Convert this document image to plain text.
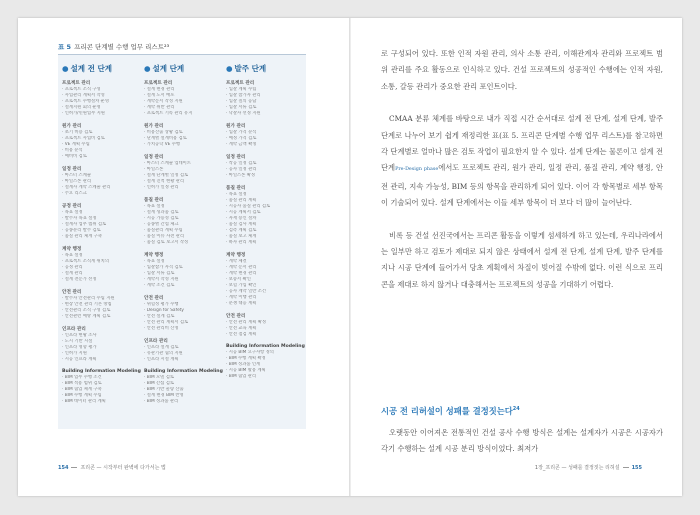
표 5 프리콘 단계별 수행 업무 리스트²³
● 설계 전 단계
프로젝트 관리
· 프로젝트 조직 구성
· 사업관리 계획서 작성
· 프로젝트 수행절차 운영
· 설계지원 회의 운영
· 인허가/민원업무 지원
원가 관리
· 초기 비용 검토
· 프로젝트 사업비 검토
· VE 계획 수립
· 비용 분석
· 예비비 검토
일정 관리
· 마스터 스케줄
· 마일스톤 관리
· 설계사 계약 스케줄 관리
· 주요 리스크
공정 관리
· 목표 설정
· 발주자 목표 설정
· 설계사 업무 범위 검토
· 공종분리 발주 검토
· 품질 관리 체계 구축
계약 행정
· 목표 설정
· 프로젝트 조직계 위치의
· 공정 관리
· 설계 관리
· 설계 전문가 선정
안전 관리
· 발주자 안전관리 수립 지원
· 현장 안전 관리 기본 방침
· 안전관리 조직 구성 검토
· 안전관련 예방 계획 검토
인프라 관리
· 인프라 현황 조사
· 도시 기반 시설
· 인프라 영향 평가
· 인허가 지원
· 시공 인프라 계획
Building Information Modeling
· BIM 업무 수행 조건
· BIM 적용 범위 검토
· BIM 협업 체계 구축
· BIM 수행 계획 수립
· BIM 데이터 관리 계획
● 설계 단계
프로젝트 관리
· 설계 변경 관리
· 설계 도서 배포
· 계약문서 작성 지원
· 계약 위반 관리
· 프로젝트 기록 관리 유지
원가 관리
· 비용산출 상황 검토
· 단계별 설계비용 검토
· 가치공학 VE 수행
일정 관리
· 마스터 스케줄 업데이트
· 마일스톤
· 설계 단계별 일정 검토
· 설계 진척 현황 관리
· 인허가 일정 관리
품질 관리
· 목표 설정
· 설계 성과품 검토
· 시공 가능성 검토
· 공종별 간섭 체크
· 품질관리 계획 수립
· 품질 이슈 사전 관리
· 품질 검토 보고서 작성
계약 행정
· 목표 설정
· 입찰참가 자격 검토
· 입찰 서류 검토
· 계약서 작성 지원
· 계약 조건 검토
안전 관리
· 위험성 평가 수행
· Design for Safety
· 안전 설계 검토
· 안전 관리 계획서 검토
· 안전 관리비 산정
인프라 관리
· 인프라 설계 검토
· 유관기관 협의 지원
· 인프라 시설 계획
Building Information Modeling
· BIM 모델 검토
· BIM 간섭 검토
· BIM 기반 물량 산출
· 설계 변경 BIM 반영
· BIM 성과품 관리
● 발주 단계
프로젝트 관리
· 입찰 계획 수립
· 입찰 참가자 관리
· 입찰 질의 응답
· 입찰 서류 검토
· 낙찰자 선정 지원
원가 관리
· 입찰 가격 분석
· 예정 가격 검토
· 계약 금액 확정
일정 관리
· 착공 일정 검토
· 공사 일정 관리
· 마일스톤 확정
품질 관리
· 목표 설정
· 품질 관리 계획
· 시공사 품질 관리 검토
· 시공 계획서 검토
· 자재 승인 절차
· 품질 검사 계획
· 검측 계획 검토
· 품질 보고 체계
· 하자 관리 계획
계약 행정
· 계약 체결
· 계약 문서 관리
· 계약 변경 관리
· 보증서 확인
· 보험 가입 확인
· 공사 계약 일반 조건
· 계약 이행 관리
· 분쟁 대응 계획
안전 관리
· 안전 관리 계획 확정
· 안전 교육 계획
· 안전 점검 계획
Building Information Modeling
· 시공 BIM 요구사항 정의
· BIM 수행 계획 확정
· BIM 성과품 인계
· 시공 BIM 활용 계획
· BIM 협업 관리
154 프리콘 — 시작부터 완벽에 다가서는 법

로 구성되어 있다. 또한 인적 자원 관리, 의사 소통 관리, 이해관계자 관리와 프로젝트 범위 관리를 주요 활동으로 인식하고 있다. 건설 프로젝트의 성공적인 수행에는 인적 자원, 소통, 갈등 관리가 중요한 관리 포인트이다.

CMAA 분류 체계를 바탕으로 내가 직접 시간 순서대로 설계 전 단계, 설계 단계, 발주 단계로 나누어 보기 쉽게 재정리한 표(표 5. 프리콘 단계별 수행 업무 리스트)를 참고하면 각 단계별로 얼마나 많은 검토 작업이 필요한지 알 수 있다. 설계 단계는 물론이고 설계 전 단계Pre-Design phase에서도 프로젝트 관리, 원가 관리, 일정 관리, 품질 관리, 계약 행정, 안전 관리, 지속 가능성, BIM 등의 항목을 관리하게 되어 있다. 이어 각 항목별로 세부 항목이 기술되어 있다. 설계 단계에서는 이들 세부 항목이 더 보다 더 많이 늘어난다.

비록 등 건설 선진국에서는 프리콘 활동을 이렇게 섬세하게 하고 있는데, 우리나라에서는 일부만 하고 검토가 제대로 되지 않은 상태에서 설계 전 단계, 설계 단계, 발주 단계를 지나 시공 단계에 들어가서 당초 계획에서 차질이 빚어질 수밖에 없다. 이런 식으로 프리콘을 제대로 하지 않거나 대충해서는 프로젝트의 성공을 기대하기 어렵다.

시공 전 리허설이 성패를 결정짓는다$^{24}$

오랫동안 이어져온 전통적인 건설 공사 수행 방식은 설계는 설계자가 시공은 시공자가 각기 수행하는 설계 시공 분리 방식이었다. 최저가

1장_프리콘 — 성패를 결정짓는 리허설 155
